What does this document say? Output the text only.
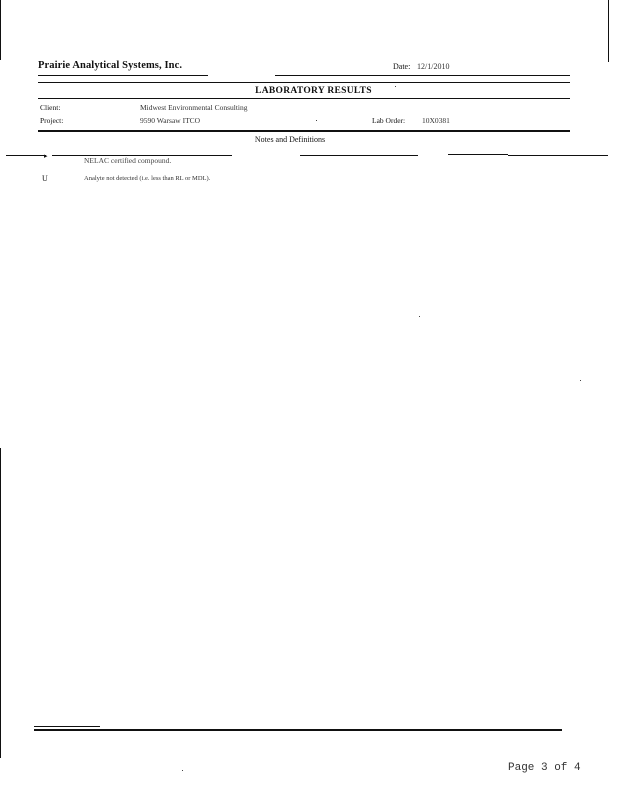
Prairie Analytical Systems, Inc.	Date: 12/1/2010
LABORATORY RESULTS
Client:	Midwest Environmental Consulting
Project:	9590 Warsaw ITCO	Lab Order: 10X0381
Notes and Definitions
▸	NELAC certified compound.
U	Analyte not detected (i.e. less than RL or MDL).
Page 3 of 4
